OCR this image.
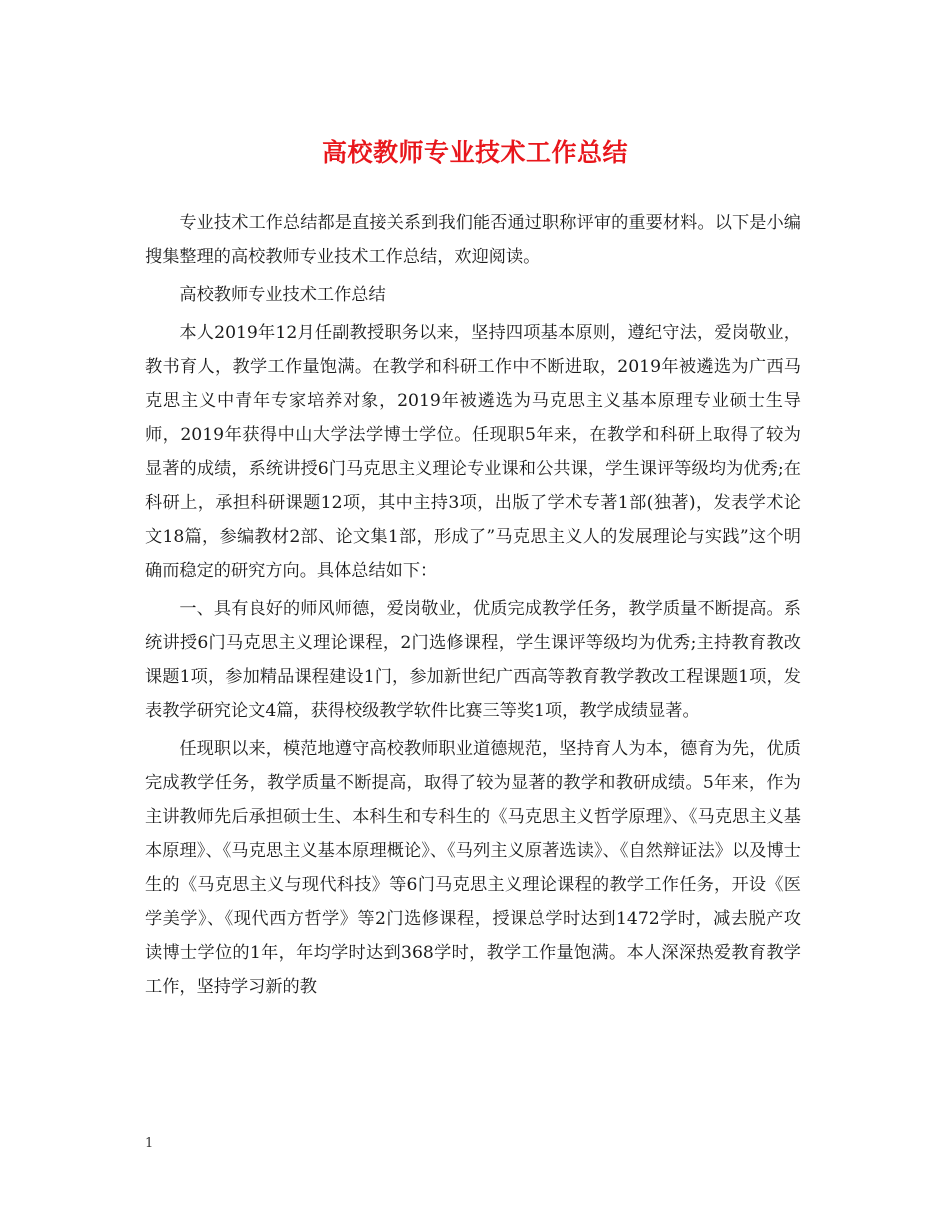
高校教师专业技术工作总结

专业技术工作总结都是直接关系到我们能否通过职称评审的重要材料。以下是小编搜集整理的高校教师专业技术工作总结，欢迎阅读。

高校教师专业技术工作总结

本人2019年12月任副教授职务以来，坚持四项基本原则，遵纪守法，爱岗敬业，教书育人，教学工作量饱满。在教学和科研工作中不断进取，2019年被遴选为广西马克思主义中青年专家培养对象，2019年被遴选为马克思主义基本原理专业硕士生导师，2019年获得中山大学法学博士学位。任现职5年来，在教学和科研上取得了较为显著的成绩，系统讲授6门马克思主义理论专业课和公共课，学生课评等级均为优秀;在科研上，承担科研课题12项，其中主持3项，出版了学术专著1部(独著)，发表学术论文18篇，参编教材2部、论文集1部，形成了”马克思主义人的发展理论与实践”这个明确而稳定的研究方向。具体总结如下：

一、具有良好的师风师德，爱岗敬业，优质完成教学任务，教学质量不断提高。系统讲授6门马克思主义理论课程，2门选修课程，学生课评等级均为优秀;主持教育教改课题1项，参加精品课程建设1门，参加新世纪广西高等教育教学教改工程课题1项，发表教学研究论文4篇，获得校级教学软件比赛三等奖1项，教学成绩显著。

任现职以来，模范地遵守高校教师职业道德规范，坚持育人为本，德育为先，优质完成教学任务，教学质量不断提高，取得了较为显著的教学和教研成绩。5年来，作为主讲教师先后承担硕士生、本科生和专科生的《马克思主义哲学原理》、《马克思主义基本原理》、《马克思主义基本原理概论》、《马列主义原著选读》、《自然辩证法》以及博士生的《马克思主义与现代科技》等6门马克思主义理论课程的教学工作任务，开设《医学美学》、《现代西方哲学》等2门选修课程，授课总学时达到1472学时，减去脱产攻读博士学位的1年，年均学时达到368学时，教学工作量饱满。本人深深热爱教育教学工作，坚持学习新的教

1
